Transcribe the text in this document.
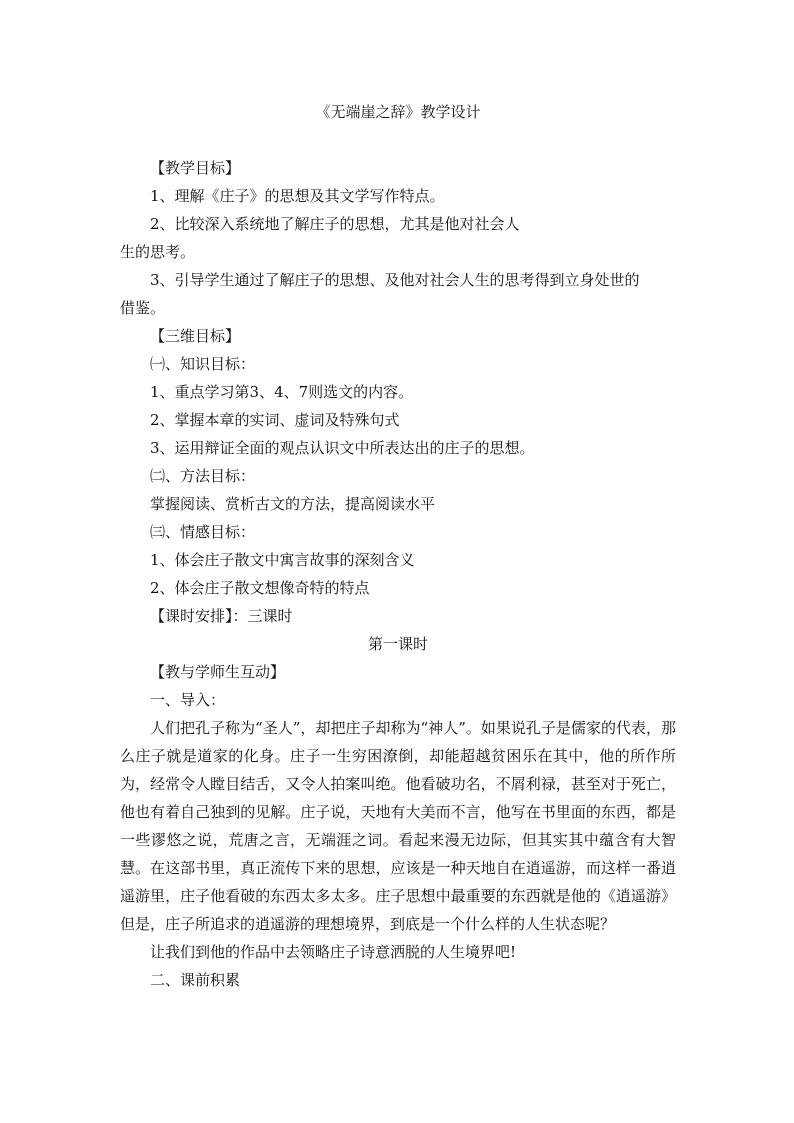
《无端崖之辞》教学设计

【教学目标】

1、理解《庄子》的思想及其文学写作特点。

2、比较深入系统地了解庄子的思想，尤其是他对社会人

生的思考。

3、引导学生通过了解庄子的思想、及他对社会人生的思考得到立身处世的

借鉴。

【三维目标】

㈠、知识目标：

1、重点学习第3、4、7则选文的内容。

2、掌握本章的实词、虚词及特殊句式

3、运用辩证全面的观点认识文中所表达出的庄子的思想。

㈡、方法目标：

掌握阅读、赏析古文的方法，提高阅读水平

㈢、情感目标：

1、体会庄子散文中寓言故事的深刻含义

2、体会庄子散文想像奇特的特点

【课时安排】：三课时

第一课时

【教与学师生互动】

一、导入：

人们把孔子称为“圣人”，却把庄子却称为“神人”。如果说孔子是儒家的代表，那么庄子就是道家的化身。庄子一生穷困潦倒，却能超越贫困乐在其中，他的所作所为，经常令人瞠目结舌，又令人拍案叫绝。他看破功名，不屑利禄，甚至对于死亡，他也有着自己独到的见解。庄子说，天地有大美而不言，他写在书里面的东西，都是一些谬悠之说，荒唐之言，无端涯之词。看起来漫无边际，但其实其中蕴含有大智慧。在这部书里，真正流传下来的思想，应该是一种天地自在逍遥游，而这样一番逍遥游里，庄子他看破的东西太多太多。庄子思想中最重要的东西就是他的《逍遥游》 但是，庄子所追求的逍遥游的理想境界，到底是一个什么样的人生状态呢？

让我们到他的作品中去领略庄子诗意洒脱的人生境界吧!

二、课前积累
